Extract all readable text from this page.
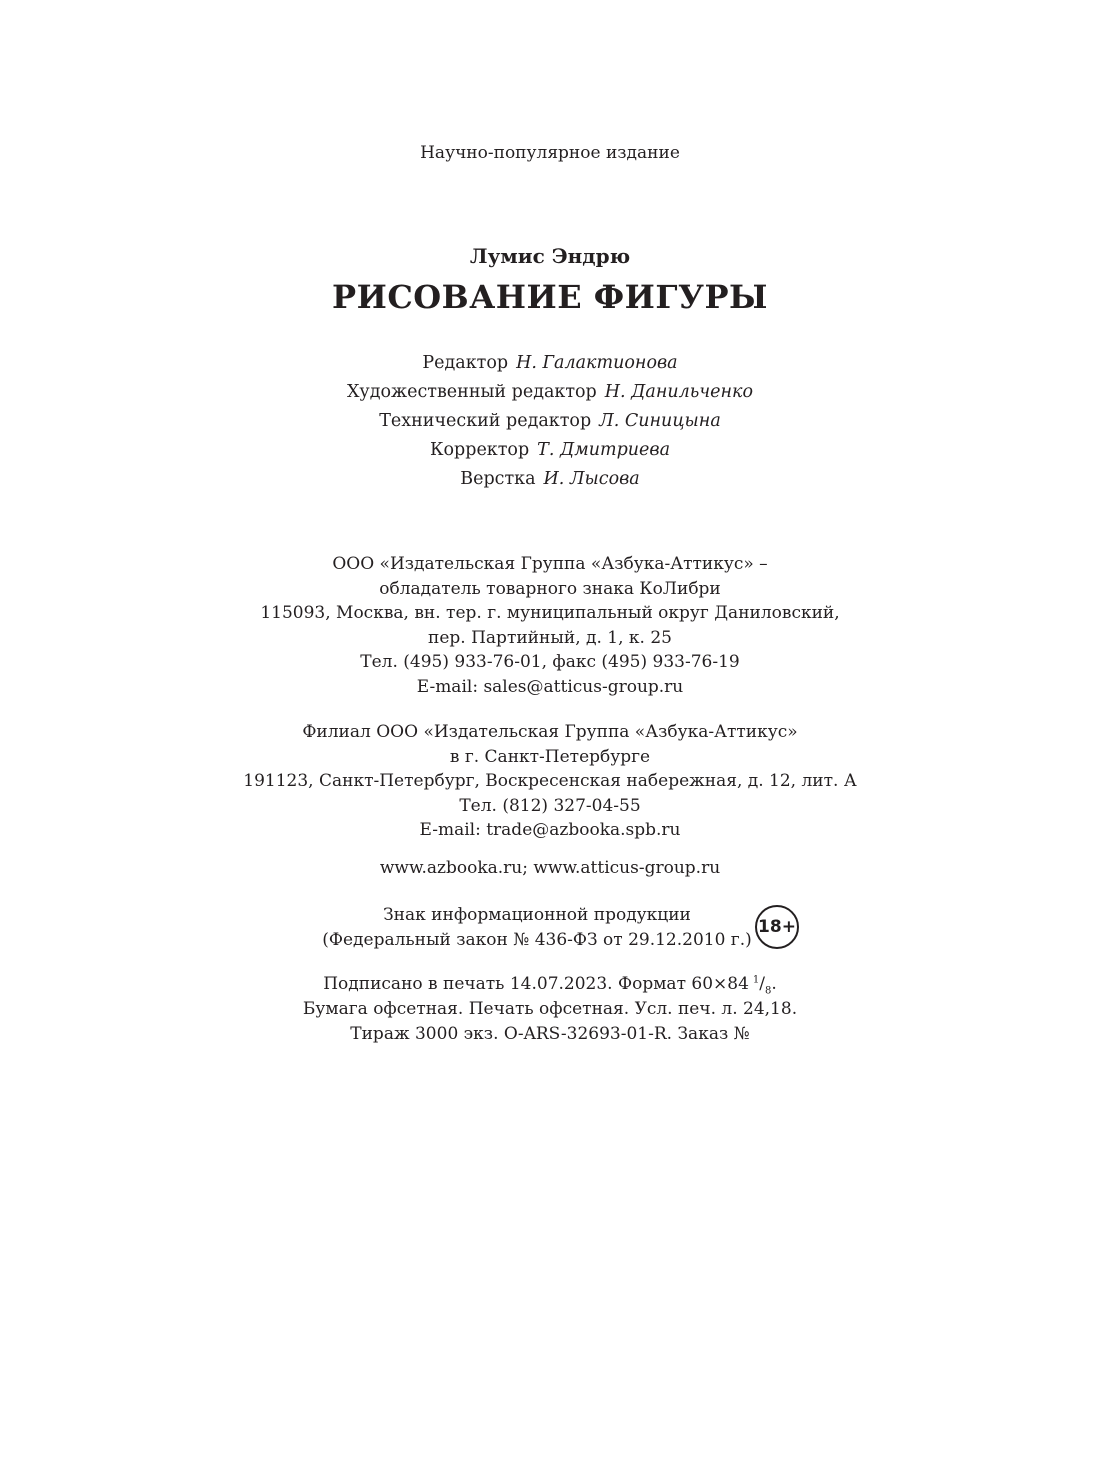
Научно-популярное издание
Лумис Эндрю
РИСОВАНИЕ ФИГУРЫ
Редактор Н. Галактионова
Художественный редактор Н. Данильченко
Технический редактор Л. Синицына
Корректор Т. Дмитриева
Верстка И. Лысова
ООО «Издательская Группа «Азбука-Аттикус» –
обладатель товарного знака КоЛибри
115093, Москва, вн. тер. г. муниципальный округ Даниловский,
пер. Партийный, д. 1, к. 25
Тел. (495) 933-76-01, факс (495) 933-76-19
E-mail: sales@atticus-group.ru
Филиал ООО «Издательская Группа «Азбука-Аттикус»
в г. Санкт-Петербурге
191123, Санкт-Петербург, Воскресенская набережная, д. 12, лит. А
Тел. (812) 327-04-55
E-mail: trade@azbooka.spb.ru
www.azbooka.ru; www.atticus-group.ru
Знак информационной продукции
(Федеральный закон № 436-ФЗ от 29.12.2010 г.)
18+
Подписано в печать 14.07.2023. Формат 60×84 $^1/_8$.
Бумага офсетная. Печать офсетная. Усл. печ. л. 24,18.
Тираж 3000 экз. О-ARS-32693-01-R. Заказ №
